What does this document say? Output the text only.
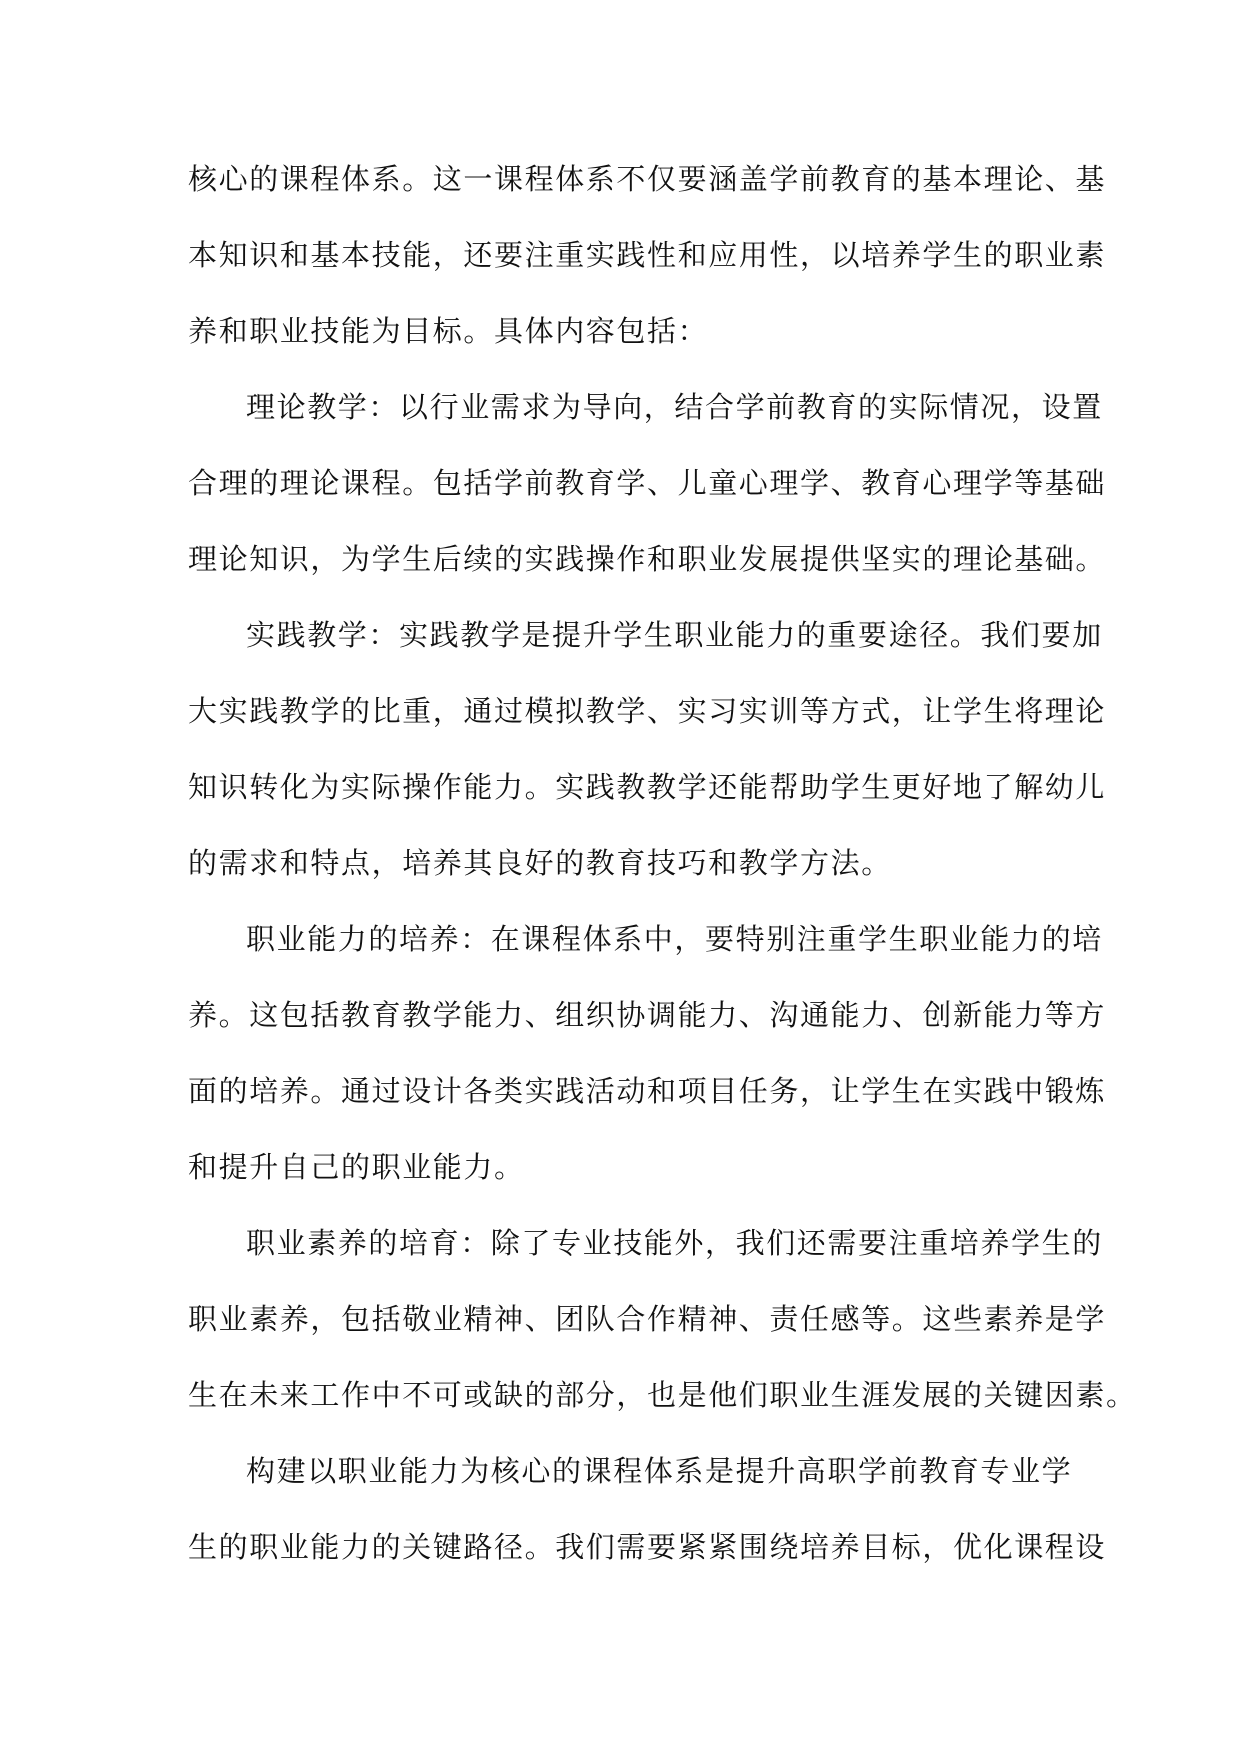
核心的课程体系。这一课程体系不仅要涵盖学前教育的基本理论、基
本知识和基本技能，还要注重实践性和应用性，以培养学生的职业素
养和职业技能为目标。具体内容包括：
理论教学：以行业需求为导向，结合学前教育的实际情况，设置
合理的理论课程。包括学前教育学、儿童心理学、教育心理学等基础
理论知识，为学生后续的实践操作和职业发展提供坚实的理论基础。
实践教学：实践教学是提升学生职业能力的重要途径。我们要加
大实践教学的比重，通过模拟教学、实习实训等方式，让学生将理论
知识转化为实际操作能力。实践教教学还能帮助学生更好地了解幼儿
的需求和特点，培养其良好的教育技巧和教学方法。
职业能力的培养：在课程体系中，要特别注重学生职业能力的培
养。这包括教育教学能力、组织协调能力、沟通能力、创新能力等方
面的培养。通过设计各类实践活动和项目任务，让学生在实践中锻炼
和提升自己的职业能力。
职业素养的培育：除了专业技能外，我们还需要注重培养学生的
职业素养，包括敬业精神、团队合作精神、责任感等。这些素养是学
生在未来工作中不可或缺的部分，也是他们职业生涯发展的关键因素。
构建以职业能力为核心的课程体系是提升高职学前教育专业学
生的职业能力的关键路径。我们需要紧紧围绕培养目标，优化课程设
